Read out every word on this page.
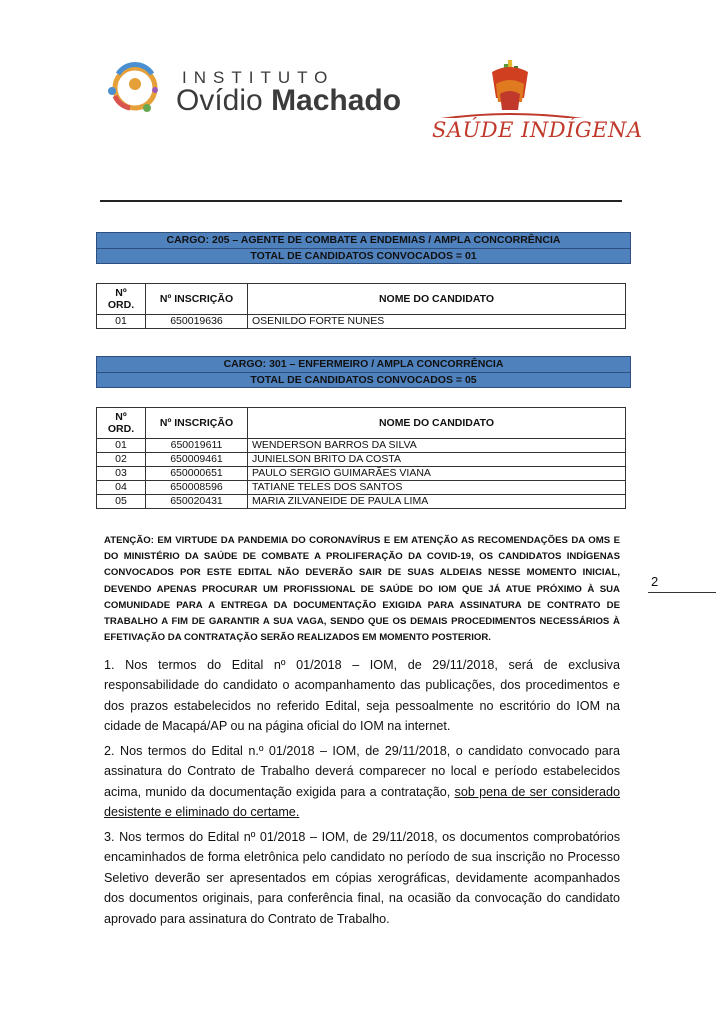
INSTITUTO
Ovídio Machado
SAÚDE INDÍGENA
CARGO: 205 – AGENTE DE COMBATE A ENDEMIAS / AMPLA CONCORRÊNCIA
TOTAL DE CANDIDATOS CONVOCADOS = 01
Nº ORD.	Nº INSCRIÇÃO	NOME DO CANDIDATO
01	650019636	OSENILDO FORTE NUNES
CARGO: 301 – ENFERMEIRO / AMPLA CONCORRÊNCIA
TOTAL DE CANDIDATOS CONVOCADOS = 05
Nº ORD.	Nº INSCRIÇÃO	NOME DO CANDIDATO
01	650019611	WENDERSON BARROS DA SILVA
02	650009461	JUNIELSON BRITO DA COSTA
03	650000651	PAULO SERGIO GUIMARÃES VIANA
04	650008596	TATIANE TELES DOS SANTOS
05	650020431	MARIA ZILVANEIDE DE PAULA LIMA
ATENÇÃO: EM VIRTUDE DA PANDEMIA DO CORONAVÍRUS E EM ATENÇÃO AS RECOMENDAÇÕES DA OMS E DO MINISTÉRIO DA SAÚDE DE COMBATE A PROLIFERAÇÃO DA COVID-19, OS CANDIDATOS INDÍGENAS CONVOCADOS POR ESTE EDITAL NÃO DEVERÃO SAIR DE SUAS ALDEIAS NESSE MOMENTO INICIAL, DEVENDO APENAS PROCURAR UM PROFISSIONAL DE SAÚDE DO IOM QUE JÁ ATUE PRÓXIMO À SUA COMUNIDADE PARA A ENTREGA DA DOCUMENTAÇÃO EXIGIDA PARA ASSINATURA DE CONTRATO DE TRABALHO A FIM DE GARANTIR A SUA VAGA, SENDO QUE OS DEMAIS PROCEDIMENTOS NECESSÁRIOS À EFETIVAÇÃO DA CONTRATAÇÃO SERÃO REALIZADOS EM MOMENTO POSTERIOR.
2
1. Nos termos do Edital nº 01/2018 – IOM, de 29/11/2018, será de exclusiva responsabilidade do candidato o acompanhamento das publicações, dos procedimentos e dos prazos estabelecidos no referido Edital, seja pessoalmente no escritório do IOM na cidade de Macapá/AP ou na página oficial do IOM na internet.
2. Nos termos do Edital n.º 01/2018 – IOM, de 29/11/2018, o candidato convocado para assinatura do Contrato de Trabalho deverá comparecer no local e período estabelecidos acima, munido da documentação exigida para a contratação, sob pena de ser considerado desistente e eliminado do certame.
3. Nos termos do Edital nº 01/2018 – IOM, de 29/11/2018, os documentos comprobatórios encaminhados de forma eletrônica pelo candidato no período de sua inscrição no Processo Seletivo deverão ser apresentados em cópias xerográficas, devidamente acompanhados dos documentos originais, para conferência final, na ocasião da convocação do candidato aprovado para assinatura do Contrato de Trabalho.
